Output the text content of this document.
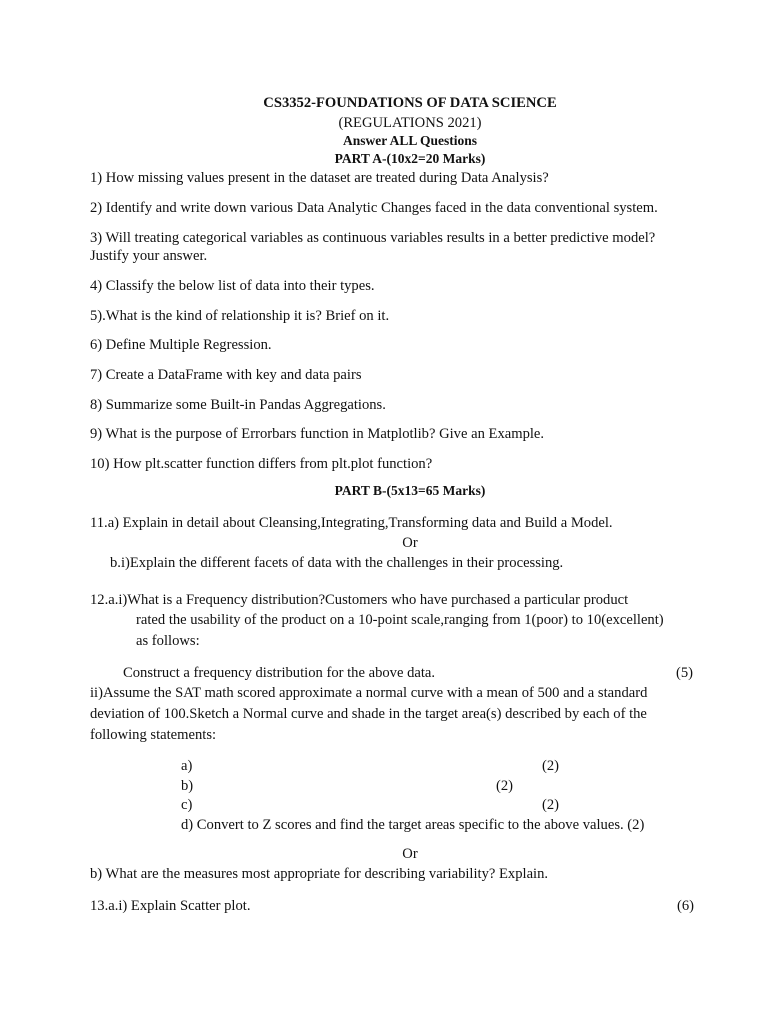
CS3352-FOUNDATIONS OF DATA SCIENCE
(REGULATIONS 2021)
Answer ALL Questions
PART A-(10x2=20 Marks)
1) How missing values present in the dataset are treated during Data Analysis?
2) Identify and write down various Data Analytic Changes faced in the data conventional system.
3) Will treating categorical variables as continuous variables results in a better predictive model?
Justify your answer.
4) Classify the below list of data into their types.
5).What is the kind of relationship it is? Brief on it.
6) Define Multiple Regression.
7) Create a DataFrame with key and data pairs
8) Summarize some Built-in Pandas Aggregations.
9) What is the purpose of Errorbars function in Matplotlib? Give an Example.
10) How plt.scatter function differs from plt.plot function?
PART B-(5x13=65 Marks)
11.a) Explain in detail about Cleansing,Integrating,Transforming data and Build a Model.
Or
b.i)Explain the different facets of data with the challenges in their processing.
12.a.i)What is a Frequency distribution?Customers who have purchased a particular product
rated the usability of the product on a 10-point scale,ranging from 1(poor) to 10(excellent)
as follows:
Construct a frequency distribution for the above data.	(5)
ii)Assume the SAT math scored approximate a normal curve with a mean of 500 and a standard
deviation of 100.Sketch a Normal curve and shade in the target area(s) described by each of the
following statements:
a)	(2)
b)	(2)
c)	(2)
d) Convert to Z scores and find the target areas specific to the above values. (2)
Or
b) What are the measures most appropriate for describing variability? Explain.
13.a.i) Explain Scatter plot.	(6)
